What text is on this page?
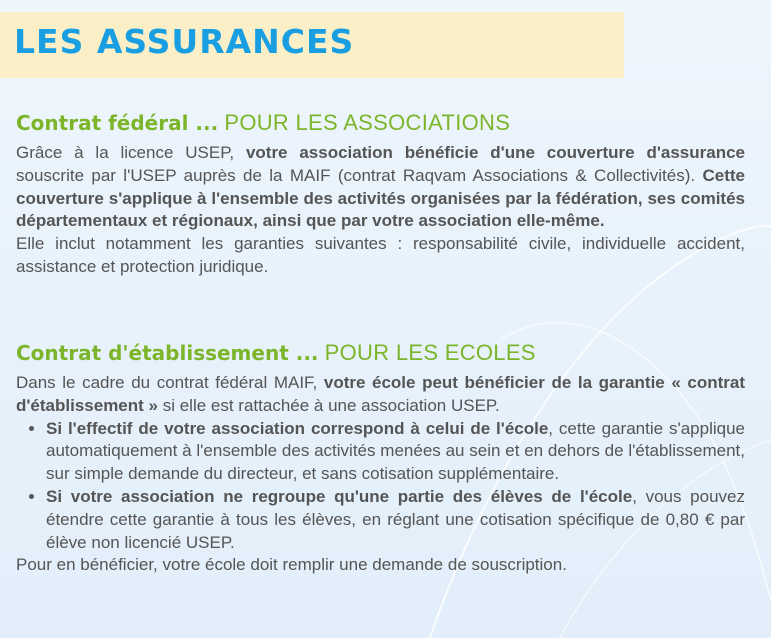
LES ASSURANCES
Contrat fédéral ... POUR LES ASSOCIATIONS

Grâce à la licence USEP, votre association bénéficie d'une couverture d'assurance souscrite par l'USEP auprès de la MAIF (contrat Raqvam Associations & Collectivités). Cette couverture s'applique à l'ensemble des activités organisées par la fédération, ses comités départementaux et régionaux, ainsi que par votre association elle-même.

Elle inclut notamment les garanties suivantes : responsabilité civile, individuelle accident, assistance et protection juridique.

Contrat d'établissement ... POUR LES ECOLES

Dans le cadre du contrat fédéral MAIF, votre école peut bénéficier de la garantie « contrat d'établissement » si elle est rattachée à une association USEP.

• Si l'effectif de votre association correspond à celui de l'école, cette garantie s'applique automatiquement à l'ensemble des activités menées au sein et en dehors de l'établissement, sur simple demande du directeur, et sans cotisation supplémentaire.
• Si votre association ne regroupe qu'une partie des élèves de l'école, vous pouvez étendre cette garantie à tous les élèves, en réglant une cotisation spécifique de 0,80 € par élève non licencié USEP.

Pour en bénéficier, votre école doit remplir une demande de souscription.
